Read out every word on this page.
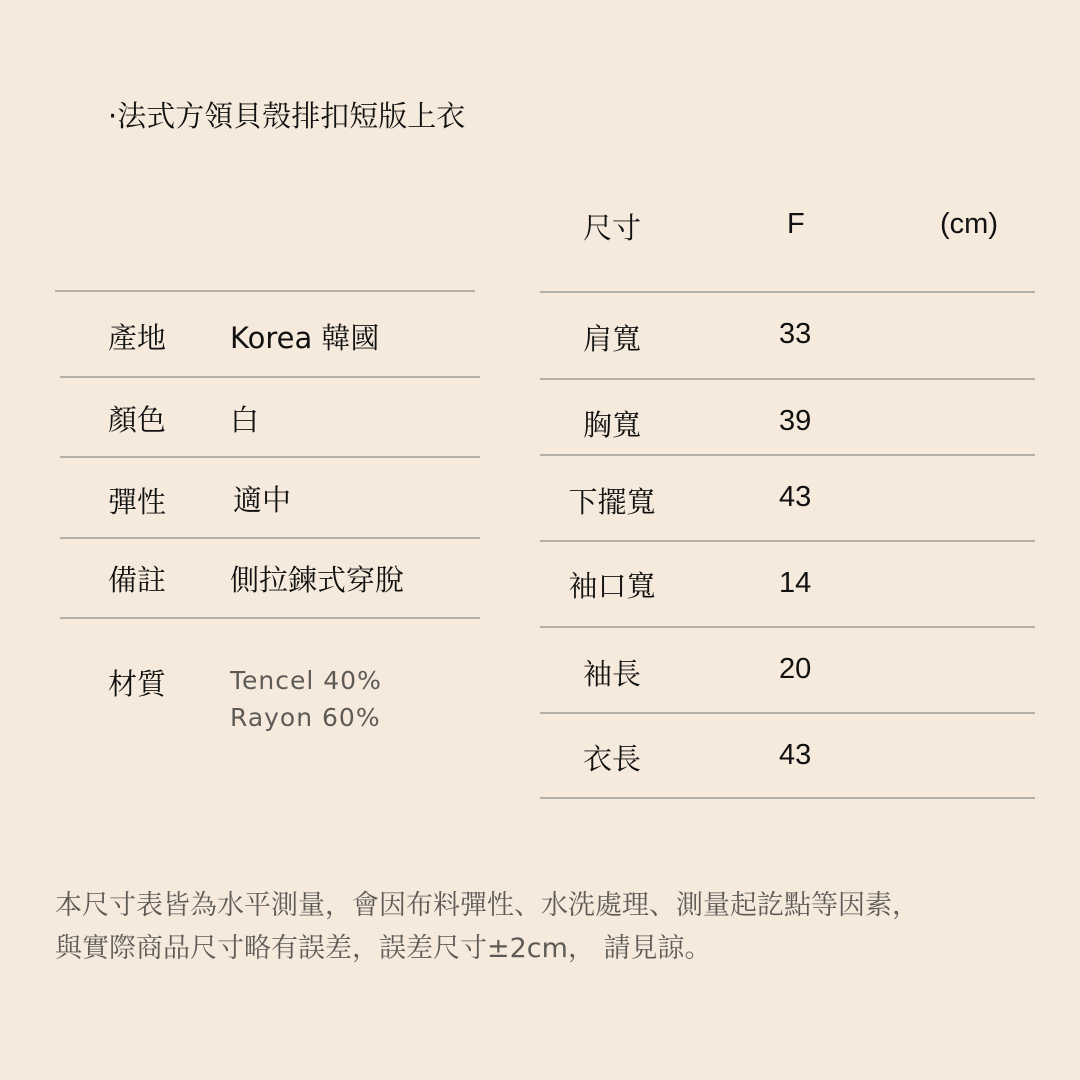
·法式方領貝殼排扣短版上衣
產地 Korea 韓國
顏色 白
彈性 適中
備註 側拉鍊式穿脫
材質	Tencel 40%
Rayon 60%
尺寸	F	(cm)
肩寬	33
胸寬	39
下擺寬	43
袖口寬	14
袖長	20
衣長	43
本尺寸表皆為水平測量，會因布料彈性、水洗處理、測量起訖點等因素，
與實際商品尺寸略有誤差，誤差尺寸±2cm， 請見諒。
